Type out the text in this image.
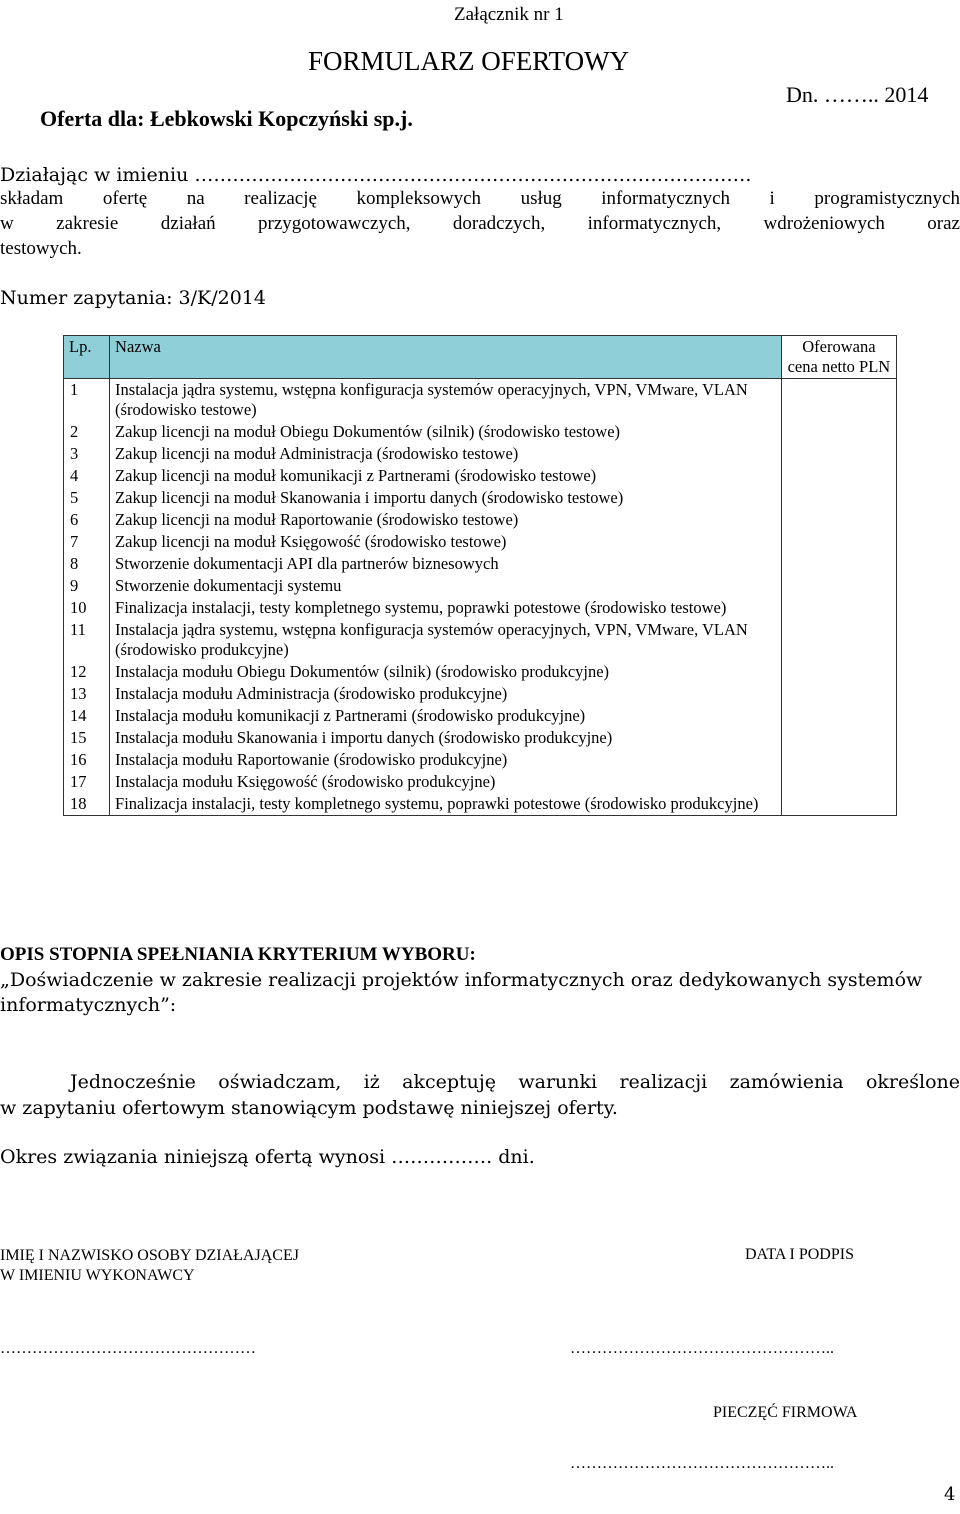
Załącznik nr 1
FORMULARZ OFERTOWY
Dn. …….. 2014
Oferta dla: Łebkowski Kopczyński sp.j.
Działając w imieniu …………………………………………………………………………….
składam ofertę na realizację kompleksowych usług informatycznych i programistycznych
w zakresie działań przygotowawczych, doradczych, informatycznych, wdrożeniowych oraz
testowych.
Numer zapytania: 3/K/2014
Lp.	Nazwa	Oferowana cena netto PLN
1	Instalacja jądra systemu, wstępna konfiguracja systemów operacyjnych, VPN, VMware, VLAN (środowisko testowe)	
2	Zakup licencji na moduł Obiegu Dokumentów (silnik) (środowisko testowe)	
3	Zakup licencji na moduł Administracja (środowisko testowe)	
4	Zakup licencji na moduł komunikacji z Partnerami (środowisko testowe)	
5	Zakup licencji na moduł Skanowania i importu danych (środowisko testowe)	
6	Zakup licencji na moduł Raportowanie (środowisko testowe)	
7	Zakup licencji na moduł Księgowość (środowisko testowe)	
8	Stworzenie dokumentacji API dla partnerów biznesowych	
9	Stworzenie dokumentacji systemu	
10	Finalizacja instalacji, testy kompletnego systemu, poprawki potestowe (środowisko testowe)	
11	Instalacja jądra systemu, wstępna konfiguracja systemów operacyjnych, VPN, VMware, VLAN (środowisko produkcyjne)	
12	Instalacja modułu Obiegu Dokumentów (silnik) (środowisko produkcyjne)	
13	Instalacja modułu Administracja (środowisko produkcyjne)	
14	Instalacja modułu komunikacji z Partnerami (środowisko produkcyjne)	
15	Instalacja modułu Skanowania i importu danych (środowisko produkcyjne)	
16	Instalacja modułu Raportowanie (środowisko produkcyjne)	
17	Instalacja modułu Księgowość (środowisko produkcyjne)	
18	Finalizacja instalacji, testy kompletnego systemu, poprawki potestowe (środowisko produkcyjne)	
OPIS STOPNIA SPEŁNIANIA KRYTERIUM WYBORU:
„Doświadczenie w zakresie realizacji projektów informatycznych oraz dedykowanych systemów informatycznych”:
Jednocześnie oświadczam, iż akceptuję warunki realizacji zamówienia określone
w zapytaniu ofertowym stanowiącym podstawę niniejszej oferty.
Okres związania niniejszą ofertą wynosi ……………. dni.
IMIĘ I NAZWISKO OSOBY DZIAŁAJĄCEJ
W IMIENIU WYKONAWCY
DATA I PODPIS
…………………………………………	…………………………………………..
PIECZĘĆ FIRMOWA
…………………………………………..
4
